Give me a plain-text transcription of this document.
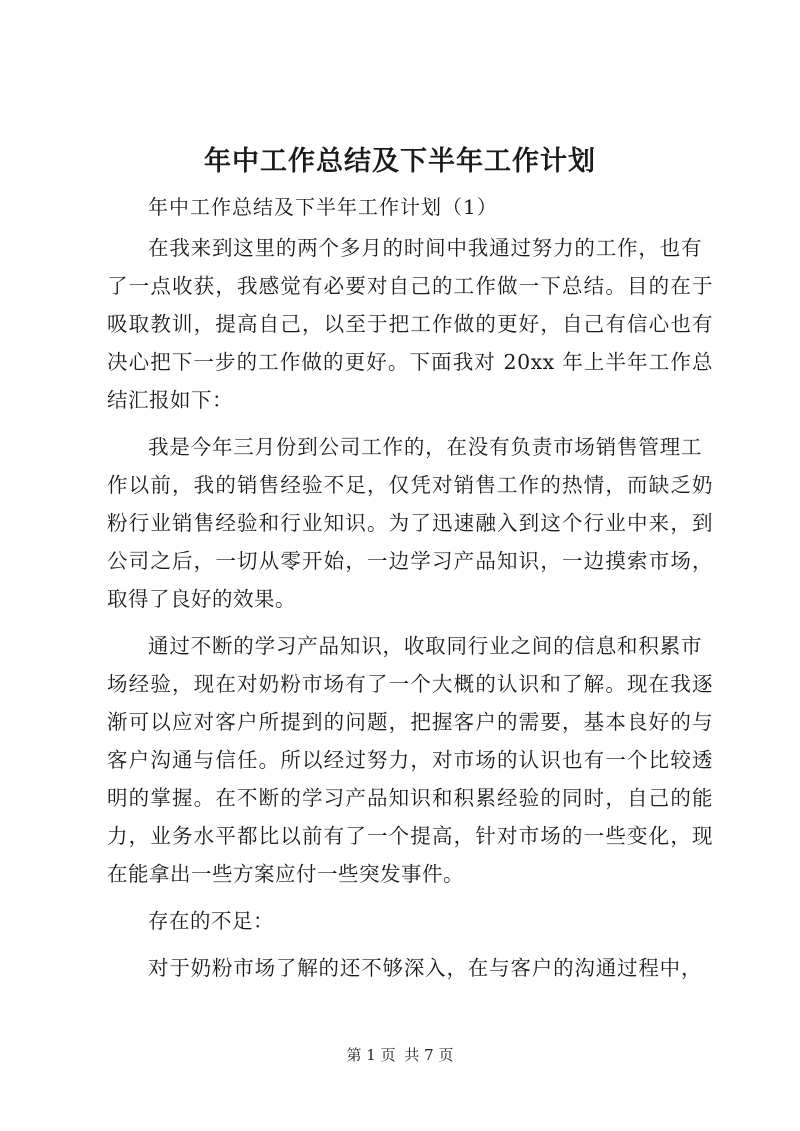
年中工作总结及下半年工作计划
年中工作总结及下半年工作计划（1）
在我来到这里的两个多月的时间中我通过努力的工作，也有
了一点收获，我感觉有必要对自己的工作做一下总结。目的在于
吸取教训，提高自己，以至于把工作做的更好，自己有信心也有
决心把下一步的工作做的更好。下面我对 20xx 年上半年工作总
结汇报如下：
我是今年三月份到公司工作的，在没有负责市场销售管理工
作以前，我的销售经验不足，仅凭对销售工作的热情，而缺乏奶
粉行业销售经验和行业知识。为了迅速融入到这个行业中来，到
公司之后，一切从零开始，一边学习产品知识，一边摸索市场，
取得了良好的效果。
通过不断的学习产品知识，收取同行业之间的信息和积累市
场经验，现在对奶粉市场有了一个大概的认识和了解。现在我逐
渐可以应对客户所提到的问题，把握客户的需要，基本良好的与
客户沟通与信任。所以经过努力，对市场的认识也有一个比较透
明的掌握。在不断的学习产品知识和积累经验的同时，自己的能
力，业务水平都比以前有了一个提高，针对市场的一些变化，现
在能拿出一些方案应付一些突发事件。
存在的不足：
对于奶粉市场了解的还不够深入，在与客户的沟通过程中，
第 1 页 共 7 页
